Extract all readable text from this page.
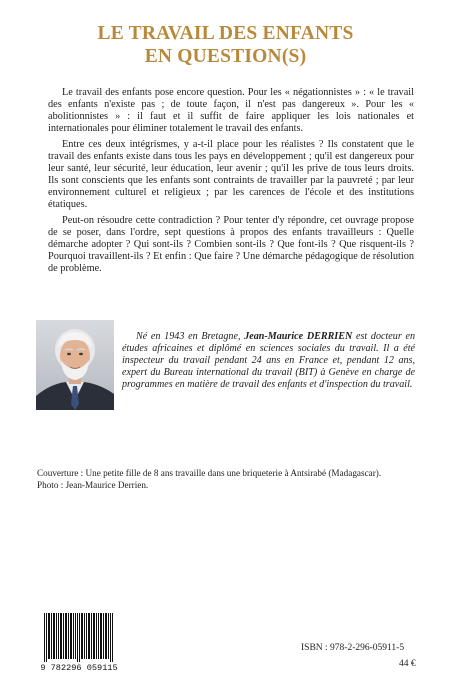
LE TRAVAIL DES ENFANTS
EN QUESTION(S)

Le travail des enfants pose encore question. Pour les « négationnistes » : « le travail des enfants n'existe pas ; de toute façon, il n'est pas dangereux ». Pour les « abolitionnistes » : il faut et il suffit de faire appliquer les lois nationales et internationales pour éliminer totalement le travail des enfants.

Entre ces deux intégrismes, y a-t-il place pour les réalistes ? Ils constatent que le travail des enfants existe dans tous les pays en développement ; qu'il est dangereux pour leur santé, leur sécurité, leur éducation, leur avenir ; qu'il les prive de tous leurs droits. Ils sont conscients que les enfants sont contraints de travailler par la pauvreté ; par leur environnement culturel et religieux ; par les carences de l'école et des institutions étatiques.

Peut-on résoudre cette contradiction ? Pour tenter d'y répondre, cet ouvrage propose de se poser, dans l'ordre, sept questions à propos des enfants travailleurs : Quelle démarche adopter ? Qui sont-ils ? Combien sont-ils ? Que font-ils ? Que risquent-ils ? Pourquoi travaillent-ils ? Et enfin : Que faire ? Une démarche pédagogique de résolution de problème.

Né en 1943 en Bretagne, Jean-Maurice DERRIEN est docteur en études africaines et diplômé en sciences sociales du travail. Il a été inspecteur du travail pendant 24 ans en France et, pendant 12 ans, expert du Bureau international du travail (BIT) à Genève en charge de programmes en matière de travail des enfants et d'inspection du travail.
Couverture : Une petite fille de 8 ans travaille dans une briqueterie à Antsirabé (Madagascar).
Photo : Jean-Maurice Derrien.
9 782296 059115
ISBN : 978-2-296-05911-5
44 €
